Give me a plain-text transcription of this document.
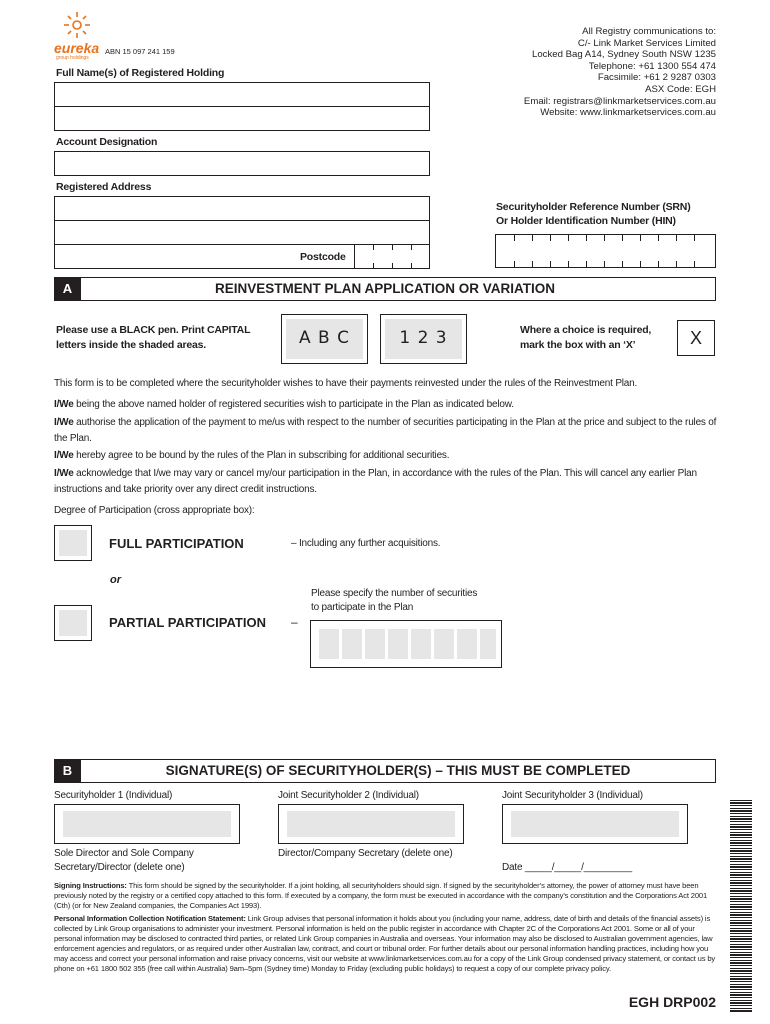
eureka
group holdings
ABN 15 097 241 159
All Registry communications to:
C/- Link Market Services Limited
Locked Bag A14, Sydney South NSW 1235
Telephone: +61 1300 554 474
Facsimile: +61 2 9287 0303
ASX Code: EGH
Email: registrars@linkmarketservices.com.au
Website: www.linkmarketservices.com.au
Full Name(s) of Registered Holding
Account Designation
Registered Address
Postcode
Securityholder Reference Number (SRN)
Or Holder Identification Number (HIN)
A	REINVESTMENT PLAN APPLICATION OR VARIATION
Please use a BLACK pen. Print CAPITAL
letters inside the shaded areas.	A B C	1 2 3	Where a choice is required,
mark the box with an ‘X’	X
This form is to be completed where the securityholder wishes to have their payments reinvested under the rules of the Reinvestment Plan.
I/We being the above named holder of registered securities wish to participate in the Plan as indicated below.
I/We authorise the application of the payment to me/us with respect to the number of securities participating in the Plan at the price and subject to the rules of the Plan.
I/We hereby agree to be bound by the rules of the Plan in subscribing for additional securities.
I/We acknowledge that I/we may vary or cancel my/our participation in the Plan, in accordance with the rules of the Plan. This will cancel any earlier Plan instructions and take priority over any direct credit instructions.
Degree of Participation (cross appropriate box):
FULL PARTICIPATION	– Including any further acquisitions.
or
PARTIAL PARTICIPATION –
Please specify the number of securities
to participate in the Plan
B	SIGNATURE(S) OF SECURITYHOLDER(S) – THIS MUST BE COMPLETED
Securityholder 1 (Individual)	Joint Securityholder 2 (Individual)	Joint Securityholder 3 (Individual)
Sole Director and Sole Company
Secretary/Director (delete one)
Director/Company Secretary (delete one)
Date _____/_____/_________
Signing Instructions: This form should be signed by the securityholder. If a joint holding, all securityholders should sign. If signed by the securityholder’s attorney, the power of attorney must have been previously noted by the registry or a certified copy attached to this form. If executed by a company, the form must be executed in accordance with the company’s constitution and the Corporations Act 2001 (Cth) (or for New Zealand companies, the Companies Act 1993).
Personal Information Collection Notification Statement: Link Group advises that personal information it holds about you (including your name, address, date of birth and details of the financial assets) is collected by Link Group organisations to administer your investment. Personal information is held on the public register in accordance with Chapter 2C of the Corporations Act 2001. Some or all of your personal information may be disclosed to contracted third parties, or related Link Group companies in Australia and overseas. Your information may also be disclosed to Australian government agencies, law enforcement agencies and regulators, or as required under other Australian law, contract, and court or tribunal order. For further details about our personal information handling practices, including how you may access and correct your personal information and raise privacy concerns, visit our website at www.linkmarketservices.com.au for a copy of the Link Group condensed privacy statement, or contact us by phone on +61 1800 502 355 (free call within Australia) 9am–5pm (Sydney time) Monday to Friday (excluding public holidays) to request a copy of our complete privacy policy.
EGH DRP002
